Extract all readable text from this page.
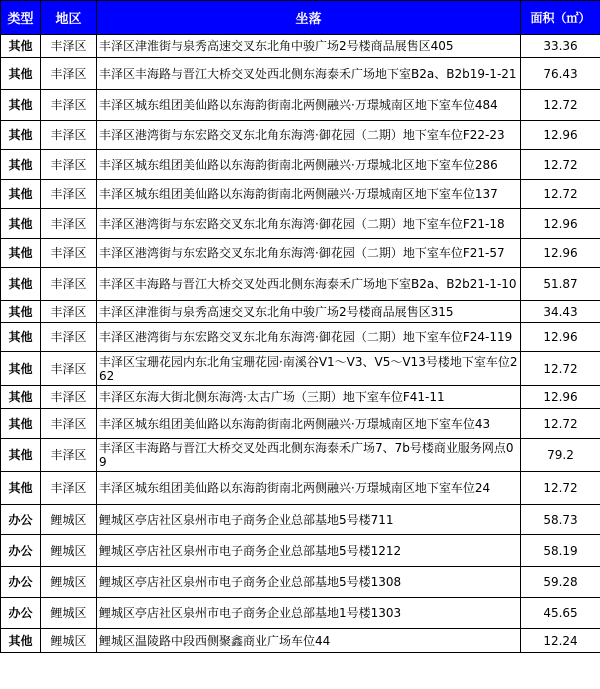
类型	地区	坐落	面积（㎡）
其他	丰泽区	丰泽区津淮街与泉秀高速交叉东北角中骏广场2号楼商品展售区405	33.36
其他	丰泽区	丰泽区丰海路与晋江大桥交叉处西北侧东海泰禾广场地下室B2a、B2b19-1-21	76.43
其他	丰泽区	丰泽区城东组团美仙路以东海韵街南北两侧融兴·万璟城南区地下室车位484	12.72
其他	丰泽区	丰泽区港湾街与东宏路交叉东北角东海湾·御花园（二期）地下室车位F22-23	12.96
其他	丰泽区	丰泽区城东组团美仙路以东海韵街南北两侧融兴·万璟城北区地下室车位286	12.72
其他	丰泽区	丰泽区城东组团美仙路以东海韵街南北两侧融兴·万璟城南区地下室车位137	12.72
其他	丰泽区	丰泽区港湾街与东宏路交叉东北角东海湾·御花园（二期）地下室车位F21-18	12.96
其他	丰泽区	丰泽区港湾街与东宏路交叉东北角东海湾·御花园（二期）地下室车位F21-57	12.96
其他	丰泽区	丰泽区丰海路与晋江大桥交叉处西北侧东海泰禾广场地下室B2a、B2b21-1-10	51.87
其他	丰泽区	丰泽区津淮街与泉秀高速交叉东北角中骏广场2号楼商品展售区315	34.43
其他	丰泽区	丰泽区港湾街与东宏路交叉东北角东海湾·御花园（二期）地下室车位F24-119	12.96
其他	丰泽区	丰泽区宝珊花园内东北角宝珊花园·南溪谷V1～V3、V5～V13号楼地下室车位262	12.72
其他	丰泽区	丰泽区东海大街北侧东海湾·太古广场（三期）地下室车位F41-11	12.96
其他	丰泽区	丰泽区城东组团美仙路以东海韵街南北两侧融兴·万璟城南区地下室车位43	12.72
其他	丰泽区	丰泽区丰海路与晋江大桥交叉处西北侧东海泰禾广场7、7b号楼商业服务网点09	79.2
其他	丰泽区	丰泽区城东组团美仙路以东海韵街南北两侧融兴·万璟城南区地下室车位24	12.72
办公	鲤城区	鲤城区亭店社区泉州市电子商务企业总部基地5号楼711	58.73
办公	鲤城区	鲤城区亭店社区泉州市电子商务企业总部基地5号楼1212	58.19
办公	鲤城区	鲤城区亭店社区泉州市电子商务企业总部基地5号楼1308	59.28
办公	鲤城区	鲤城区亭店社区泉州市电子商务企业总部基地1号楼1303	45.65
其他	鲤城区	鲤城区温陵路中段西侧聚鑫商业广场车位44	12.24
